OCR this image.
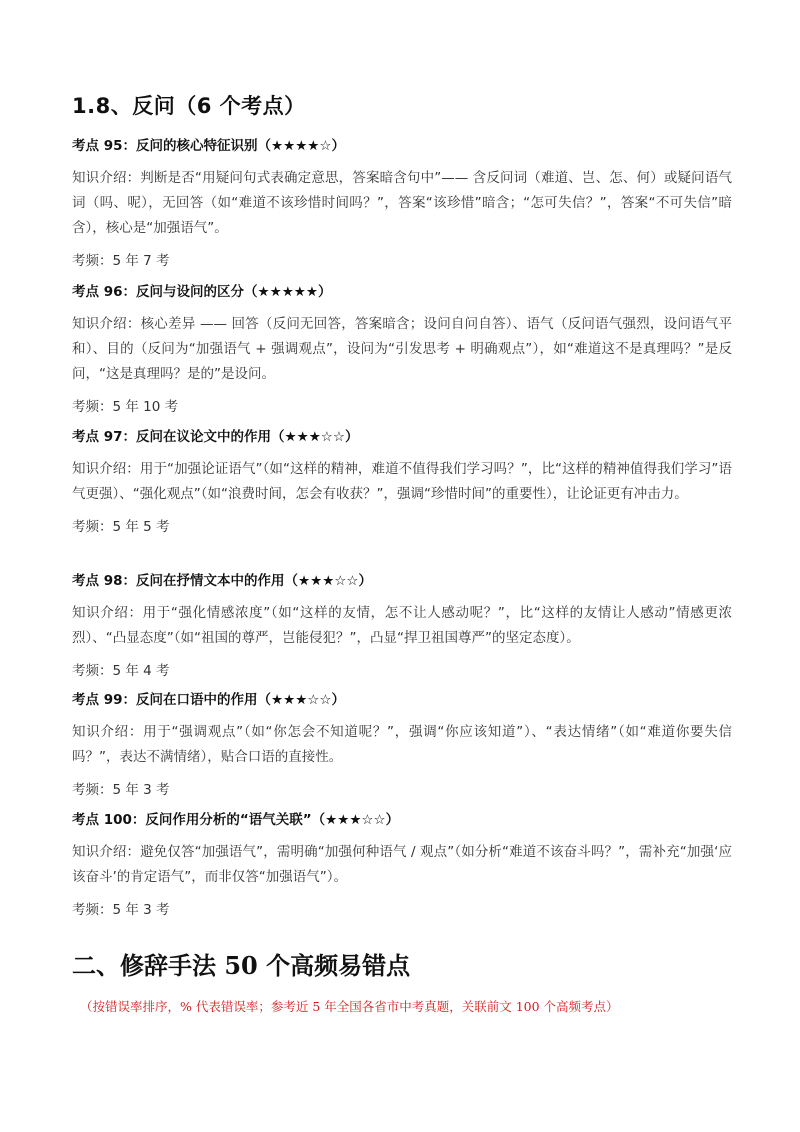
1.8、反问（6 个考点）
考点 95：反问的核心特征识别（★★★★☆）
知识介绍：判断是否“用疑问句式表确定意思，答案暗含句中”—— 含反问词（难道、岂、怎、何）或疑问语气词（吗、呢），无回答（如“难道不该珍惜时间吗？”，答案“该珍惜”暗含；“怎可失信？”，答案“不可失信”暗含），核心是“加强语气”。
考频：5 年 7 考
考点 96：反问与设问的区分（★★★★★）
知识介绍：核心差异 —— 回答（反问无回答，答案暗含；设问自问自答）、语气（反问语气强烈，设问语气平和）、目的（反问为“加强语气 + 强调观点”，设问为“引发思考 + 明确观点”），如“难道这不是真理吗？”是反问，“这是真理吗？是的”是设问。
考频：5 年 10 考
考点 97：反问在议论文中的作用（★★★☆☆）
知识介绍：用于“加强论证语气”（如“这样的精神，难道不值得我们学习吗？”，比“这样的精神值得我们学习”语气更强）、“强化观点”（如“浪费时间，怎会有收获？”，强调“珍惜时间”的重要性），让论证更有冲击力。
考频：5 年 5 考
考点 98：反问在抒情文本中的作用（★★★☆☆）
知识介绍：用于“强化情感浓度”（如“这样的友情，怎不让人感动呢？”，比“这样的友情让人感动”情感更浓烈）、“凸显态度”（如“祖国的尊严，岂能侵犯？”，凸显“捍卫祖国尊严”的坚定态度）。
考频：5 年 4 考
考点 99：反问在口语中的作用（★★★☆☆）
知识介绍：用于“强调观点”（如“你怎会不知道呢？”，强调“你应该知道”）、“表达情绪”（如“难道你要失信吗？”，表达不满情绪），贴合口语的直接性。
考频：5 年 3 考
考点 100：反问作用分析的“语气关联”（★★★☆☆）
知识介绍：避免仅答“加强语气”，需明确“加强何种语气 / 观点”（如分析“难道不该奋斗吗？”，需补充“加强‘应该奋斗’的肯定语气”，而非仅答“加强语气”）。
考频：5 年 3 考
二、修辞手法 50 个高频易错点
（按错误率排序，% 代表错误率；参考近 5 年全国各省市中考真题，关联前文 100 个高频考点）
